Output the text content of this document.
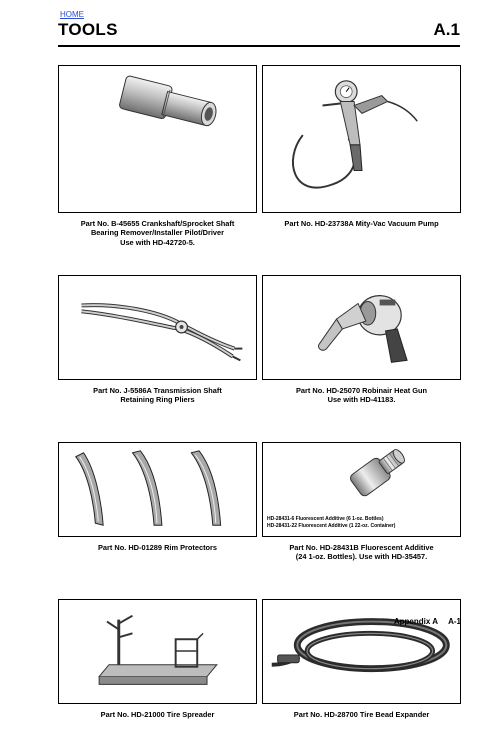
HOME
TOOLS	A.1
Part No. B-45655 Crankshaft/Sprocket Shaft
Bearing Remover/Installer Pilot/Driver
Use with HD-42720-5.
Part No. HD-23738A Mity-Vac Vacuum Pump
Part No. J-5586A Transmission Shaft
Retaining Ring Pliers
Part No. HD-25070 Robinair Heat Gun
Use with HD-41183.
HD-28431-6 Fluorescent Additive (6 1-oz. Bottles)
HD-28431-22 Fluorescent Additive (1 22-oz. Container)
Part No. HD-01289 Rim Protectors	Part No. HD-28431B Fluorescent Additive
(24 1-oz. Bottles). Use with HD-35457.
Part No. HD-21000 Tire Spreader	Part No. HD-28700 Tire Bead Expander
Appendix A A-1
